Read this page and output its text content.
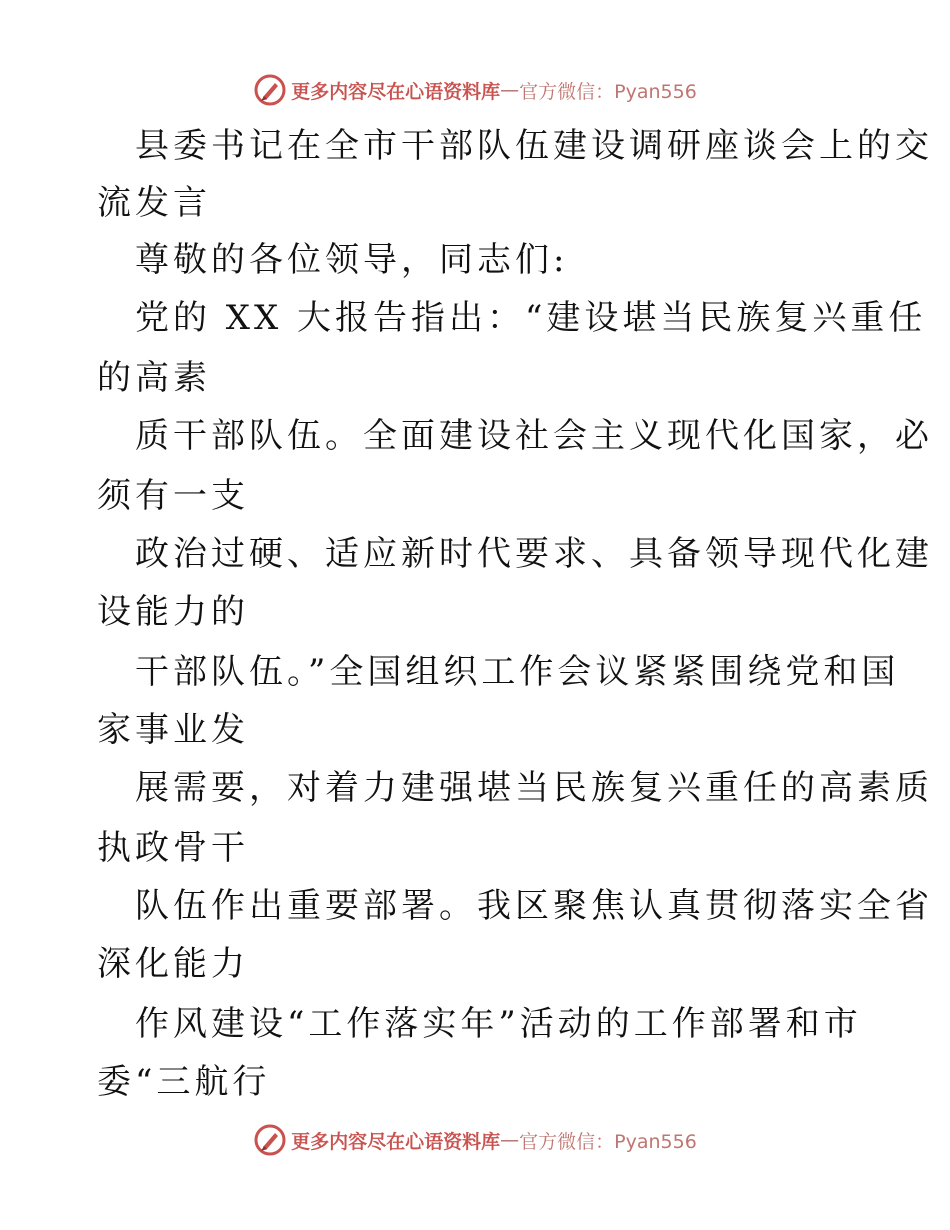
更多内容尽在心语资料库 — 官方微信：Pyan556
县委书记在全市干部队伍建设调研座谈会上的交
流发言
尊敬的各位领导，同志们:
党的 XX 大报告指出：“建设堪当民族复兴重任
的高素
质干部队伍。全面建设社会主义现代化国家，必
须有一支
政治过硬、适应新时代要求、具备领导现代化建
设能力的
干部队伍。”全国组织工作会议紧紧围绕党和国
家事业发
展需要，对着力建强堪当民族复兴重任的高素质
执政骨干
队伍作出重要部署。我区聚焦认真贯彻落实全省
深化能力
作风建设“工作落实年”活动的工作部署和市
委“三航行
更多内容尽在心语资料库 — 官方微信：Pyan556
